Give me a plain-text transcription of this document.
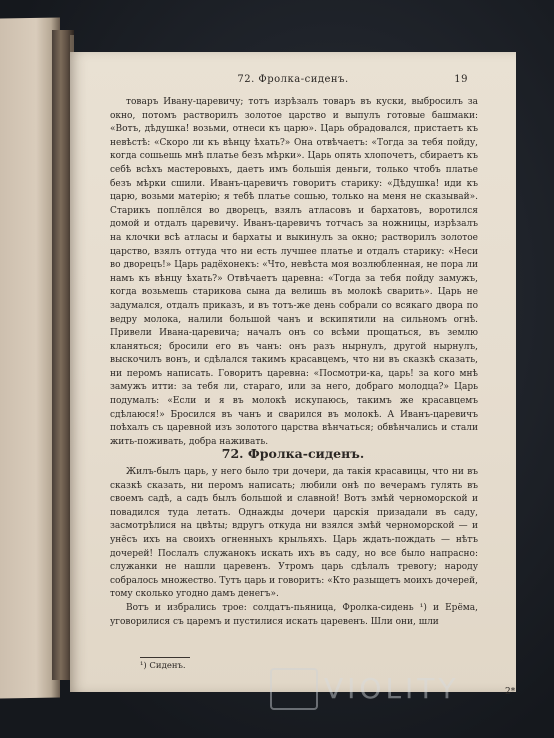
72. Фролка-сиденъ.	19

товаръ Ивану-царевичу; тотъ изрѣзалъ товаръ въ куски, выбросилъ за окно, потомъ растворилъ золотое царство и выпулъ готовые башмаки: «Вотъ, дѣдушка! возьми, отнеси къ царю». Царь обрадовался, пристаетъ къ невѣстѣ: «Скоро ли къ вѣнцу ѣхать?» Она отвѣчаетъ: «Тогда за тебя пойду, когда сошьешь мнѣ платье безъ мѣрки». Царь опять хлопочетъ, сбираетъ къ себѣ всѣхъ мастеровыхъ, даетъ имъ большія деньги, только чтобъ платье безъ мѣрки сшили. Иванъ-царевичъ говоритъ старику: «Дѣдушка! иди къ царю, возьми матерію; я тебѣ платье сошью, только на меня не сказывай». Старикъ поплёлся во дворецъ, взялъ атласовъ и бархатовъ, воротился домой и отдалъ царевичу. Иванъ-царевичъ тотчасъ за ножницы, изрѣзалъ на клочки всѣ атласы и бархаты и выкинулъ за окно; растворилъ золотое царство, взялъ оттуда что ни есть лучшее платье и отдалъ старику: «Неси во дворецъ!» Царь радёхонекъ: «Что, невѣста моя возлюбленная, не пора ли намъ къ вѣнцу ѣхать?» Отвѣчаетъ царевна: «Тогда за тебя пойду замужъ, когда возьмешь старикова сына да велишь въ молокѣ сварить». Царь не задумался, отдалъ приказъ, и въ тотъ-же день собрали со всякаго двора по ведру молока, налили большой чанъ и вскипятили на сильномъ огнѣ. Привели Ивана-царевича; началъ онъ со всѣми прощаться, въ землю кланяться; бросили его въ чанъ: онъ разъ нырнулъ, другой нырнулъ, выскочилъ вонъ, и сдѣлался такимъ красавцемъ, что ни въ сказкѣ сказать, ни перомъ написать. Говоритъ царевна: «Посмотри-ка, царь! за кого мнѣ замужъ итти: за тебя ли, стараго, или за него, добраго молодца?» Царь подумалъ: «Если и я въ молокѣ искупаюсь, такимъ же красавцемъ сдѣлаюся!» Бросился въ чанъ и сварился въ молокѣ. А Иванъ-царевичъ поѣхалъ съ царевной изъ золотого царства вѣнчаться; обвѣнчались и стали жить-поживать, добра наживать.

72. Фролка-сиденъ.

Жилъ-былъ царь, у него было три дочери, да такія красавицы, что ни въ сказкѣ сказать, ни перомъ написать; любили онѣ по вечерамъ гулять въ своемъ садѣ, а садъ былъ большой и славной! Вотъ змѣй черноморской и повадился туда летать. Однажды дочери царскія призадали въ саду, засмотрѣлися на цвѣты; вдругъ откуда ни взялся змѣй черноморской — и унёсъ ихъ на своихъ огненныхъ крыльяхъ. Царь ждать-пождать — нѣтъ дочерей! Послалъ служанокъ искать ихъ въ саду, но все было напрасно: служанки не нашли царевенъ. Утромъ царь сдѣлалъ тревогу; народу собралось множество. Тутъ царь и говоритъ: «Кто разыщетъ моихъ дочерей, тому сколько угодно дамъ денегъ».

Вотъ и избрались трое: солдатъ-пьяница, Фролка-сидень ¹) и Ерёма, уговорилися съ царемъ и пустилися искать царевенъ. Шли они, шли

¹) Сиденъ.
2*
VIOLITY
